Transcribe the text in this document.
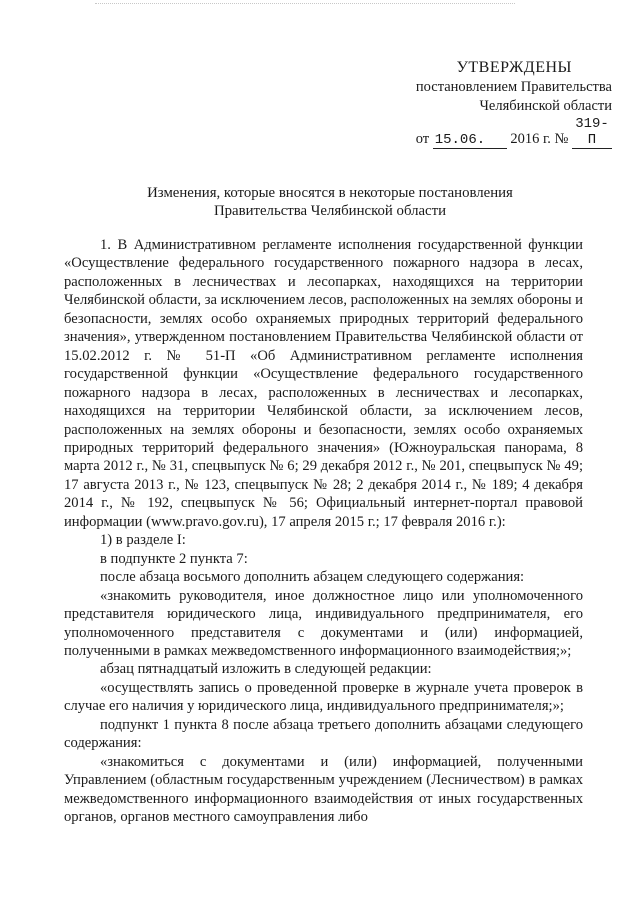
УТВЕРЖДЕНЫ
постановлением Правительства
Челябинской области
от 15.06. 2016 г. № 319-П
Изменения, которые вносятся в некоторые постановления
Правительства Челябинской области

1. В Административном регламенте исполнения государственной функции «Осуществление федерального государственного пожарного надзора в лесах, расположенных в лесничествах и лесопарках, находящихся на территории Челябинской области, за исключением лесов, расположенных на землях обороны и безопасности, землях особо охраняемых природных территорий федерального значения», утвержденном постановлением Правительства Челябинской области от 15.02.2012 г. № 51-П «Об Административном регламенте исполнения государственной функции «Осуществление федерального государственного пожарного надзора в лесах, расположенных в лесничествах и лесопарках, находящихся на территории Челябинской области, за исключением лесов, расположенных на землях обороны и безопасности, землях особо охраняемых природных территорий федерального значения» (Южноуральская панорама, 8 марта 2012 г., № 31, спецвыпуск № 6; 29 декабря 2012 г., № 201, спецвыпуск № 49; 17 августа 2013 г., № 123, спецвыпуск № 28; 2 декабря 2014 г., № 189; 4 декабря 2014 г., № 192, спецвыпуск № 56; Официальный интернет-портал правовой информации (www.pravo.gov.ru), 17 апреля 2015 г.; 17 февраля 2016 г.):

1) в разделе I:

в подпункте 2 пункта 7:

после абзаца восьмого дополнить абзацем следующего содержания:

«знакомить руководителя, иное должностное лицо или уполномоченного представителя юридического лица, индивидуального предпринимателя, его уполномоченного представителя с документами и (или) информацией, полученными в рамках межведомственного информационного взаимодействия;»;

абзац пятнадцатый изложить в следующей редакции:

«осуществлять запись о проведенной проверке в журнале учета проверок в случае его наличия у юридического лица, индивидуального предпринимателя;»;

подпункт 1 пункта 8 после абзаца третьего дополнить абзацами следующего содержания:

«знакомиться с документами и (или) информацией, полученными Управлением (областным государственным учреждением (Лесничеством) в рамках межведомственного информационного взаимодействия от иных государственных органов, органов местного самоуправления либо
